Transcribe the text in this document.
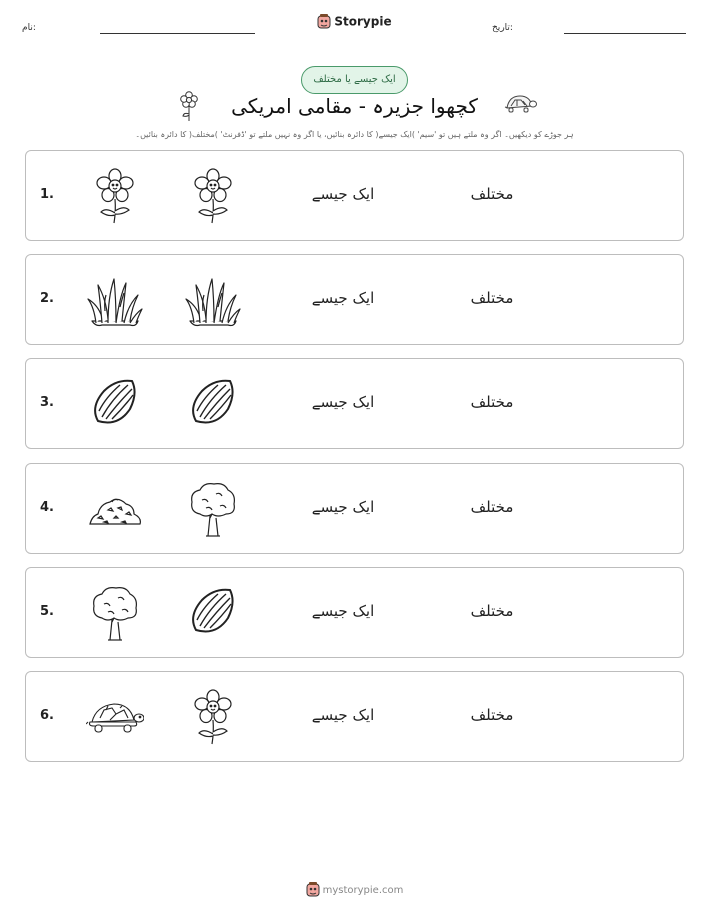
نام:	Storypie	تاریخ:
ایک جیسے یا مختلف
کچھوا جزیرہ - مقامی امریکی
ہر جوڑے کو دیکھیں۔ اگر وہ ملتے ہیں تو 'سیم' )ایک جیسے( کا دائرہ بنائیں، یا اگر وہ نہیں ملتے تو 'ڈفرنٹ' )مختلف( کا دائرہ بنائیں۔
1.	ایک جیسے	مختلف
2.	ایک جیسے	مختلف
3.	ایک جیسے	مختلف
4.	ایک جیسے	مختلف
5.	ایک جیسے	مختلف
6.	ایک جیسے	مختلف
mystorypie.com
